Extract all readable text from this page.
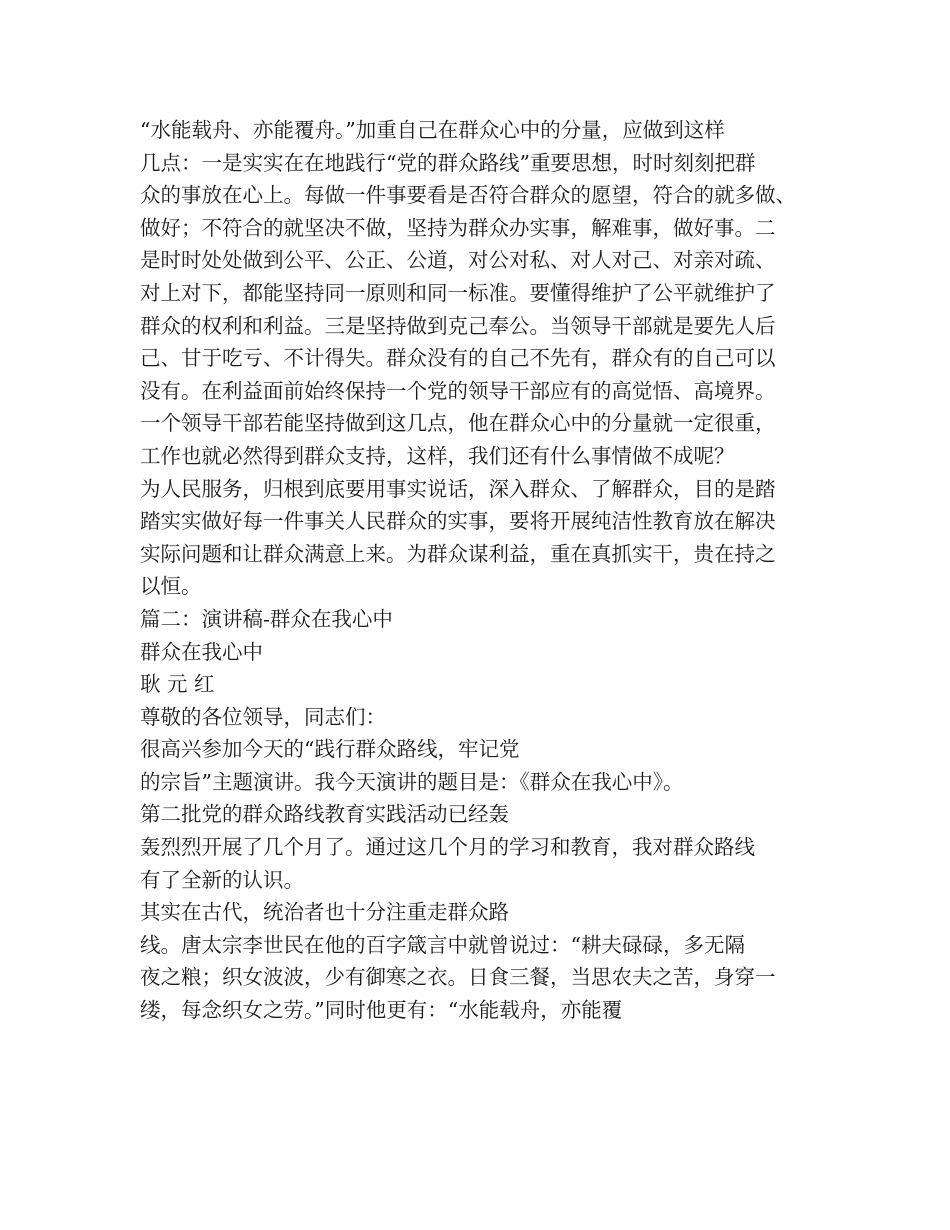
“水能载舟、亦能覆舟。”加重自己在群众心中的分量，应做到这样
几点：一是实实在在地践行“党的群众路线”重要思想，时时刻刻把群
众的事放在心上。每做一件事要看是否符合群众的愿望，符合的就多做、
做好；不符合的就坚决不做，坚持为群众办实事，解难事，做好事。二
是时时处处做到公平、公正、公道，对公对私、对人对己、对亲对疏、
对上对下，都能坚持同一原则和同一标准。要懂得维护了公平就维护了
群众的权利和利益。三是坚持做到克己奉公。当领导干部就是要先人后
己、甘于吃亏、不计得失。群众没有的自己不先有，群众有的自己可以
没有。在利益面前始终保持一个党的领导干部应有的高觉悟、高境界。
一个领导干部若能坚持做到这几点，他在群众心中的分量就一定很重，
工作也就必然得到群众支持，这样，我们还有什么事情做不成呢？
为人民服务，归根到底要用事实说话，深入群众、了解群众，目的是踏
踏实实做好每一件事关人民群众的实事，要将开展纯洁性教育放在解决
实际问题和让群众满意上来。为群众谋利益，重在真抓实干，贵在持之
以恒。
篇二：演讲稿-群众在我心中
群众在我心中
耿 元 红
尊敬的各位领导，同志们：
很高兴参加今天的“践行群众路线，牢记党
的宗旨”主题演讲。我今天演讲的题目是：《群众在我心中》。
第二批党的群众路线教育实践活动已经轰
轰烈烈开展了几个月了。通过这几个月的学习和教育，我对群众路线
有了全新的认识。
其实在古代，统治者也十分注重走群众路
线。唐太宗李世民在他的百字箴言中就曾说过：“耕夫碌碌，多无隔
夜之粮；织女波波，少有御寒之衣。日食三餐，当思农夫之苦，身穿一
缕，每念织女之劳。”同时他更有：“水能载舟，亦能覆
